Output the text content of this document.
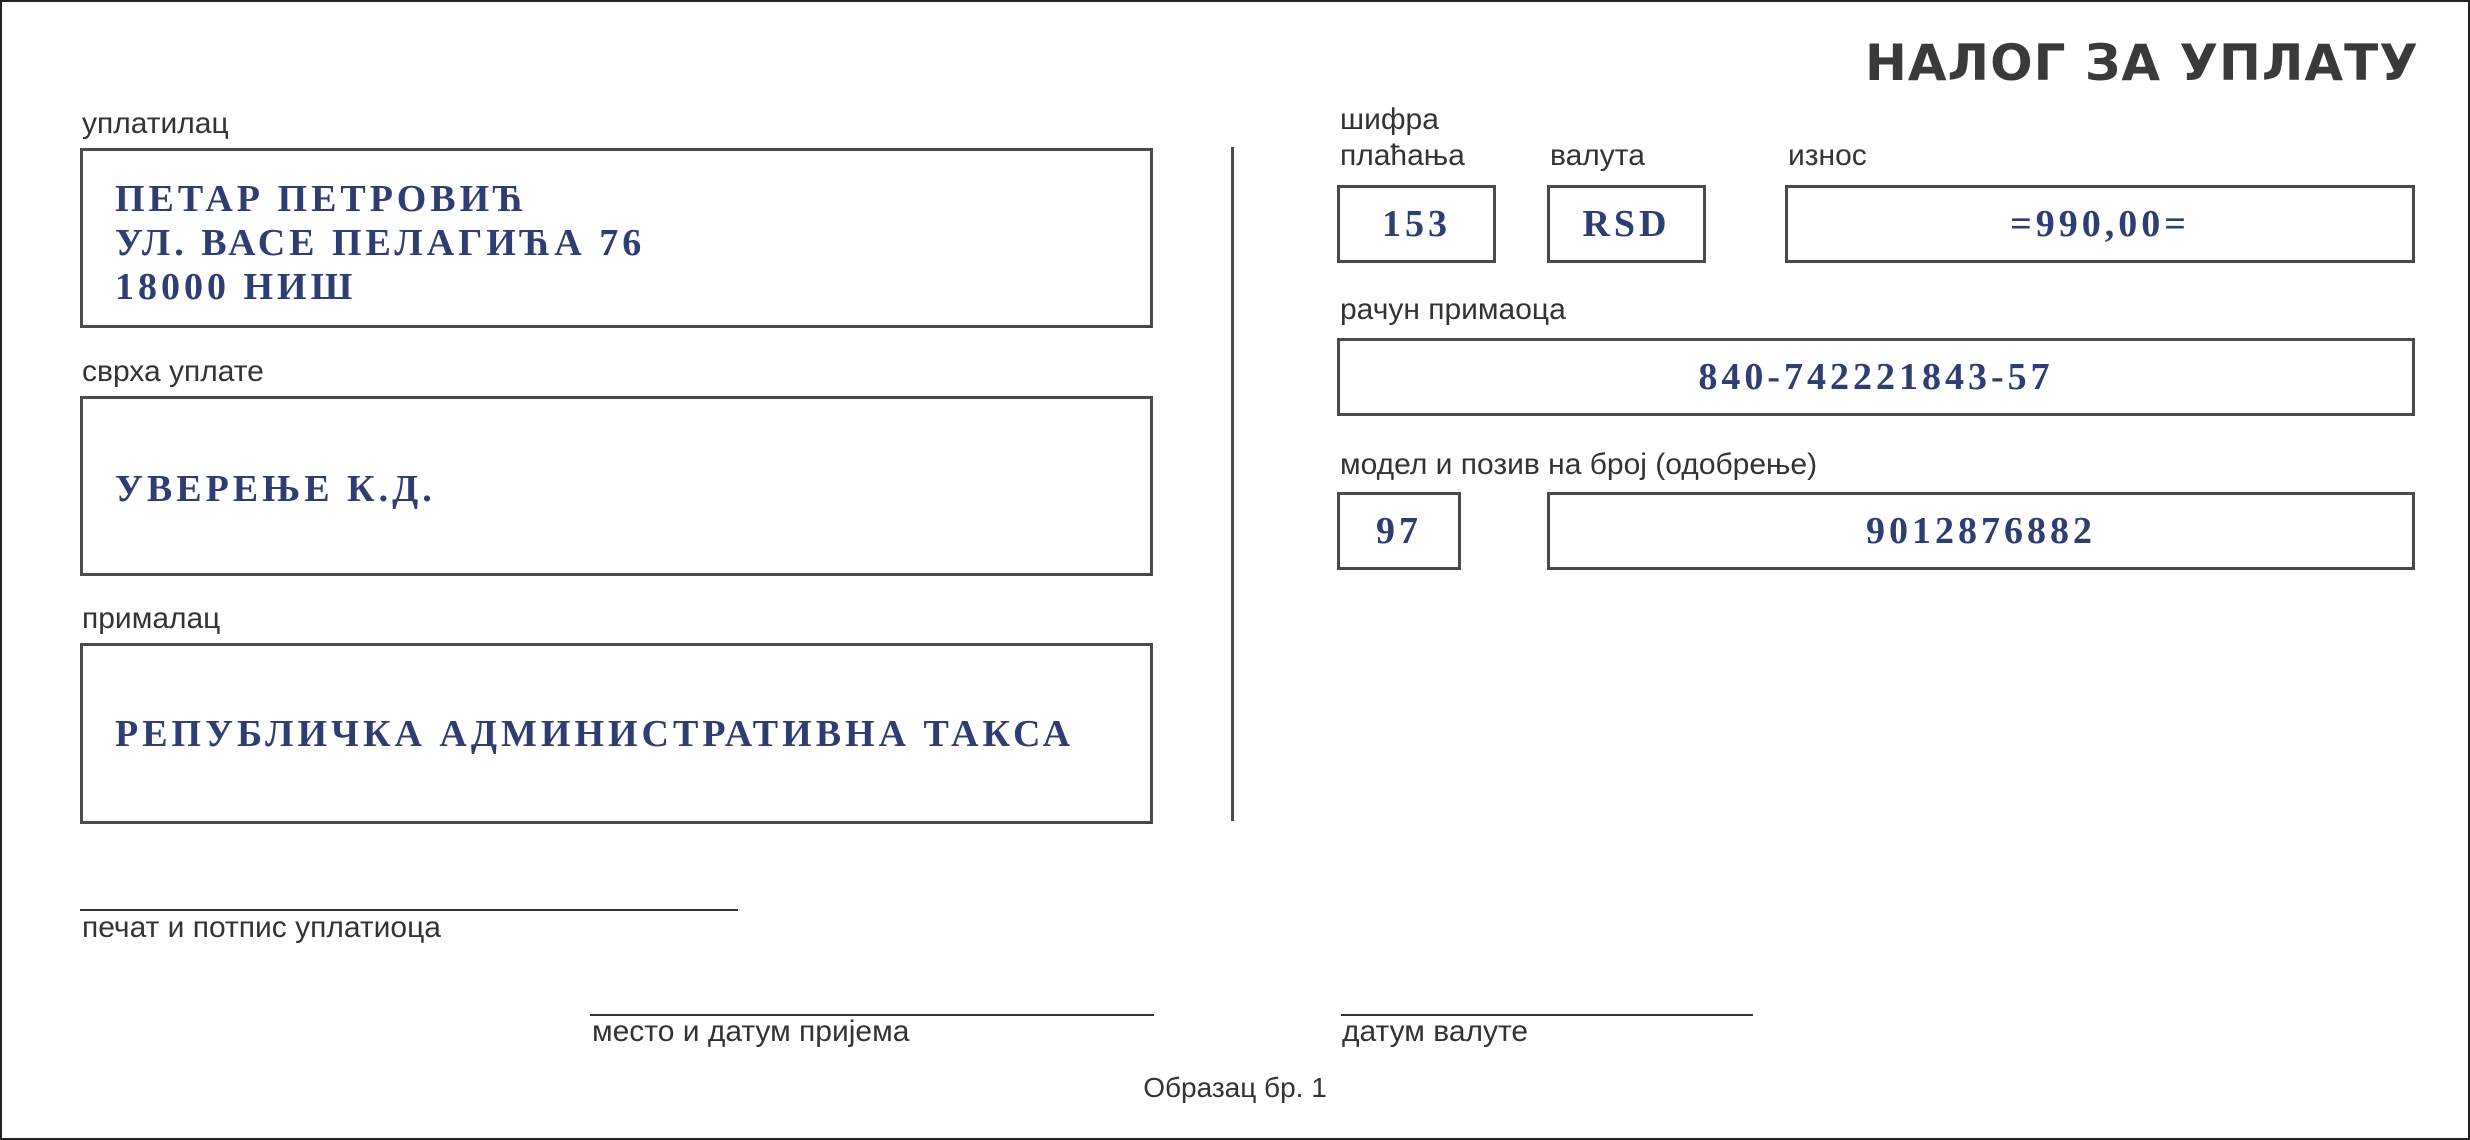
НАЛОГ ЗА УПЛАТУ
уплатилац
ПЕТАР ПЕТРОВИЋ
УЛ. ВАСЕ ПЕЛАГИЋА 76
18000 НИШ
сврха уплате
УВЕРЕЊЕ К.Д.
прималац
РЕПУБЛИЧКА АДМИНИСТРАТИВНА ТАКСА
шифра
плаћања	валута	износ
153	RSD	=990,00=
рачун примаоца
840-742221843-57
модел и позив на број (одобрење)
97	9012876882
печат и потпис уплатиоца
место и датум пријема	датум валуте
Образац бр. 1
